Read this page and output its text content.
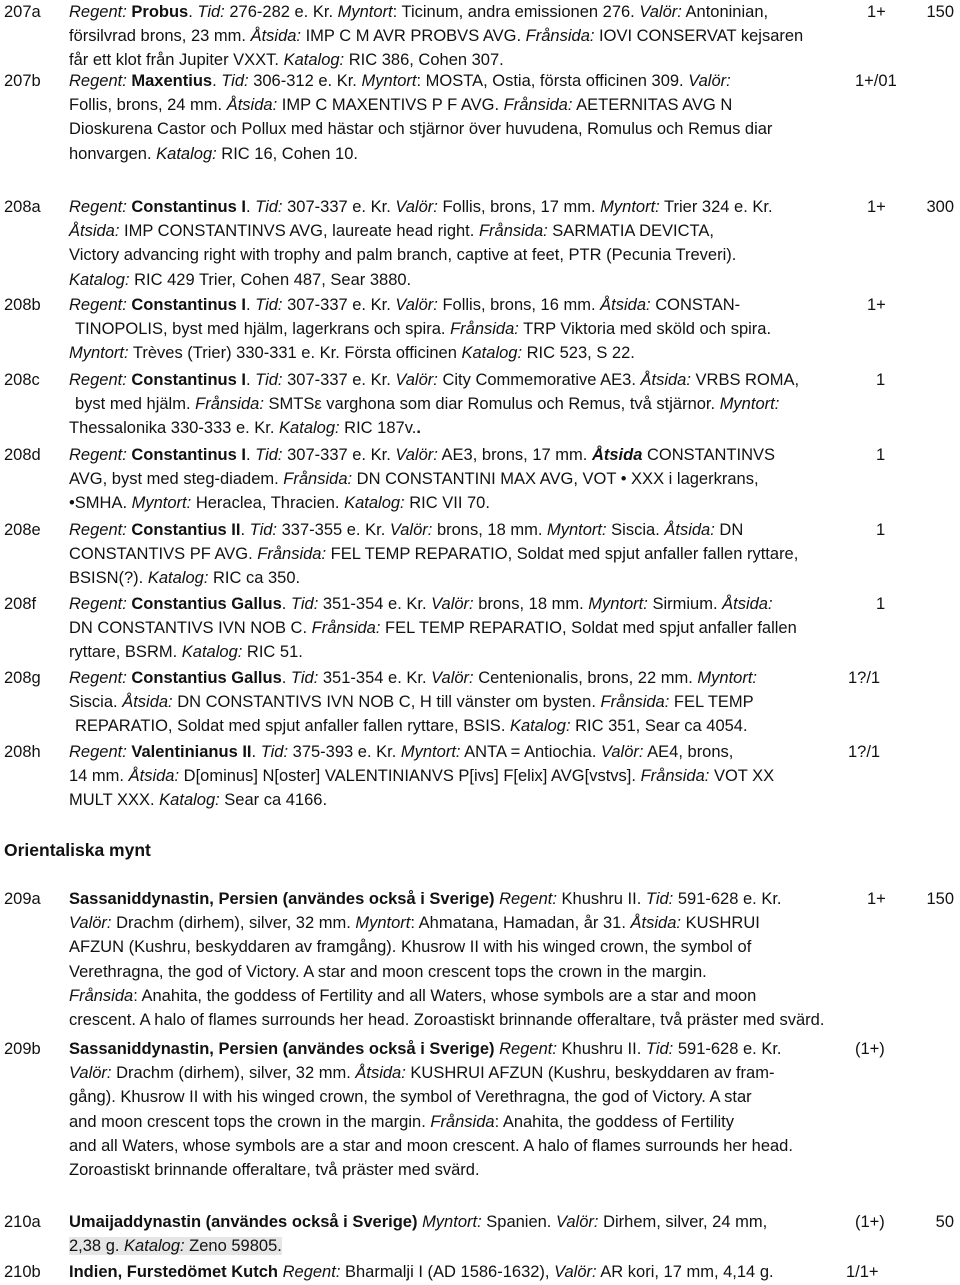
207a Regent: Probus. Tid: 276-282 e. Kr. Myntort: Ticinum, andra emissionen 276. Valör: Antoninian,
försilvrad brons, 23 mm. Åtsida: IMP C M AVR PROBVS AVG. Frånsida: IOVI CONSERVAT kejsaren
får ett klot från Jupiter VXXT. Katalog: RIC 386, Cohen 307.
1+ 150
207b Regent: Maxentius. Tid: 306-312 e. Kr. Myntort: MOSTA, Ostia, första officinen 309. Valör:
Follis, brons, 24 mm. Åtsida: IMP C MAXENTIVS P F AVG. Frånsida: AETERNITAS AVG N
Dioskurena Castor och Pollux med hästar och stjärnor över huvudena, Romulus och Remus diar
honvargen. Katalog: RIC 16, Cohen 10.
1+/01
208a Regent: Constantinus I. Tid: 307-337 e. Kr. Valör: Follis, brons, 17 mm. Myntort: Trier 324 e. Kr.
Åtsida: IMP CONSTANTINVS AVG, laureate head right. Frånsida: SARMATIA DEVICTA,
Victory advancing right with trophy and palm branch, captive at feet, PTR (Pecunia Treveri).
Katalog: RIC 429 Trier, Cohen 487, Sear 3880.
1+ 300
208b Regent: Constantinus I. Tid: 307-337 e. Kr. Valör: Follis, brons, 16 mm. Åtsida: CONSTAN-
TINOPOLIS, byst med hjälm, lagerkrans och spira. Frånsida: TRP Viktoria med sköld och spira.
Myntort: Trèves (Trier) 330-331 e. Kr. Första officinen Katalog: RIC 523, S 22.
1+
208c Regent: Constantinus I. Tid: 307-337 e. Kr. Valör: City Commemorative AE3. Åtsida: VRBS ROMA,
byst med hjälm. Frånsida: SMTSε varghona som diar Romulus och Remus, två stjärnor. Myntort:
Thessalonika 330-333 e. Kr. Katalog: RIC 187v..
1
208d Regent: Constantinus I. Tid: 307-337 e. Kr. Valör: AE3, brons, 17 mm. Åtsida CONSTANTINVS
AVG, byst med steg-diadem. Frånsida: DN CONSTANTINI MAX AVG, VOT • XXX i lagerkrans,
•SMHA. Myntort: Heraclea, Thracien. Katalog: RIC VII 70.
1
208e Regent: Constantius II. Tid: 337-355 e. Kr. Valör: brons, 18 mm. Myntort: Siscia. Åtsida: DN
CONSTANTIVS PF AVG. Frånsida: FEL TEMP REPARATIO, Soldat med spjut anfaller fallen ryttare,
BSISN(?). Katalog: RIC ca 350.
1
208f Regent: Constantius Gallus. Tid: 351-354 e. Kr. Valör: brons, 18 mm. Myntort: Sirmium. Åtsida:
DN CONSTANTIVS IVN NOB C. Frånsida: FEL TEMP REPARATIO, Soldat med spjut anfaller fallen
ryttare, BSRM. Katalog: RIC 51.
1
208g Regent: Constantius Gallus. Tid: 351-354 e. Kr. Valör: Centenionalis, brons, 22 mm. Myntort:
Siscia. Åtsida: DN CONSTANTIVS IVN NOB C, H till vänster om bysten. Frånsida: FEL TEMP
REPARATIO, Soldat med spjut anfaller fallen ryttare, BSIS. Katalog: RIC 351, Sear ca 4054.
1?/1
208h Regent: Valentinianus II. Tid: 375-393 e. Kr. Myntort: ANTA = Antiochia. Valör: AE4, brons,
14 mm. Åtsida: D[ominus] N[oster] VALENTINIANVS P[ivs] F[elix] AVG[vstvs]. Frånsida: VOT XX
MULT XXX. Katalog: Sear ca 4166.
1?/1
209a Sassaniddynastin, Persien (användes också i Sverige) Regent: Khushru II. Tid: 591-628 e. Kr.
Valör: Drachm (dirhem), silver, 32 mm. Myntort: Ahmatana, Hamadan, år 31. Åtsida: KUSHRUI
AFZUN (Kushru, beskyddaren av framgång). Khusrow II with his winged crown, the symbol of
Verethragna, the god of Victory. A star and moon crescent tops the crown in the margin.
Frånsida: Anahita, the goddess of Fertility and all Waters, whose symbols are a star and moon
crescent. A halo of flames surrounds her head. Zoroastiskt brinnande offeraltare, två präster med svärd.
1+ 150
209b Sassaniddynastin, Persien (användes också i Sverige) Regent: Khushru II. Tid: 591-628 e. Kr.
Valör: Drachm (dirhem), silver, 32 mm. Åtsida: KUSHRUI AFZUN (Kushru, beskyddaren av fram-
gång). Khusrow II with his winged crown, the symbol of Verethragna, the god of Victory. A star
and moon crescent tops the crown in the margin. Frånsida: Anahita, the goddess of Fertility
and all Waters, whose symbols are a star and moon crescent. A halo of flames surrounds her head.
Zoroastiskt brinnande offeraltare, två präster med svärd.
(1+)
210a Umaijaddynastin (användes också i Sverige) Myntort: Spanien. Valör: Dirhem, silver, 24 mm,
2,38 g. Katalog: Zeno 59805.
(1+)	50
210b Indien, Furstedömet Kutch Regent: Bharmalji I (AD 1586-1632), Valör: AR kori, 17 mm, 4,14 g.	1/1+
Orientaliska mynt
